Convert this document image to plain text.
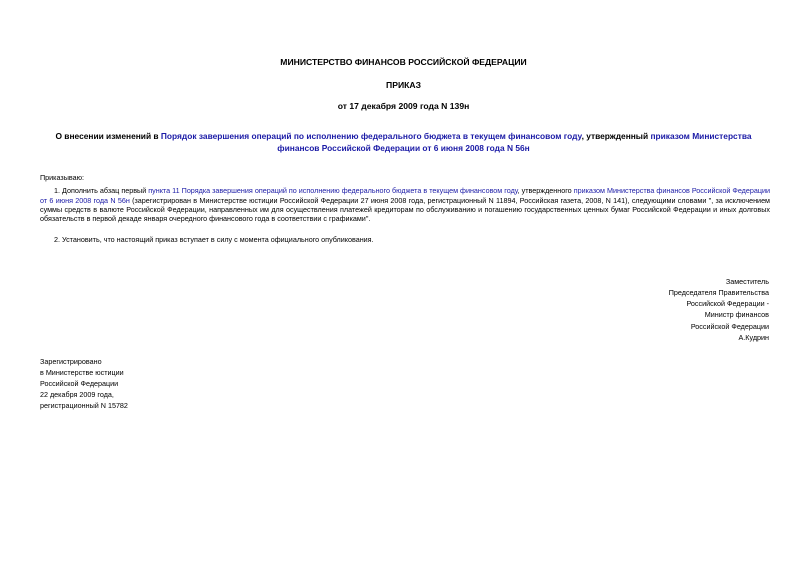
МИНИСТЕРСТВО ФИНАНСОВ РОССИЙСКОЙ ФЕДЕРАЦИИ
ПРИКАЗ
от 17 декабря 2009 года N 139н
О внесении изменений в Порядок завершения операций по исполнению федерального бюджета в текущем финансовом году, утвержденный приказом Министерства финансов Российской Федерации от 6 июня 2008 года N 56н

Приказываю:

1. Дополнить абзац первый пункта 11 Порядка завершения операций по исполнению федерального бюджета в текущем финансовом году, утвержденного приказом Министерства финансов Российской Федерации от 6 июня 2008 года N 56н (зарегистрирован в Министерстве юстиции Российской Федерации 27 июня 2008 года, регистрационный N 11894, Российская газета, 2008, N 141), следующими словами ", за исключением суммы средств в валюте Российской Федерации, направленных им для осуществления платежей кредиторам по обслуживанию и погашению государственных ценных бумаг Российской Федерации и иных долговых обязательств в первой декаде января очередного финансового года в соответствии с графиками".

2. Установить, что настоящий приказ вступает в силу с момента официального опубликования.

Заместитель
Председателя Правительства
Российской Федерации -
Министр финансов
Российской Федерации
А.Кудрин
Зарегистрировано
в Министерстве юстиции
Российской Федерации
22 декабря 2009 года,
регистрационный N 15782
